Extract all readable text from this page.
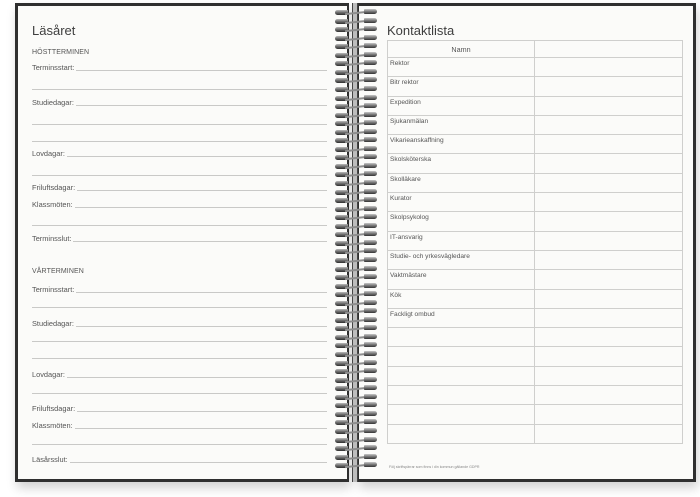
Läsåret
HÖSTTERMINEN
Terminsstart:
Studiedagar:
Lovdagar:
Friluftsdagar:
Klassmöten:
Terminsslut:
VÅRTERMINEN
Terminsstart:
Studiedagar:
Lovdagar:
Friluftsdagar:
Klassmöten:
Läsårsslut:
Kontaktlista
Namn	
Rektor	
Bitr rektor	
Expedition	
Sjukanmälan	
Vikarieanskaffning	
Skolsköterska	
Skolläkare	
Kurator	
Skolpsykolog	
IT-ansvarig	
Studie- och yrkesvägledare	
Vaktmästare	
Kök	
Fackligt ombud	

Följ skriftspärrar som finns i din kommun gällande GDPR
